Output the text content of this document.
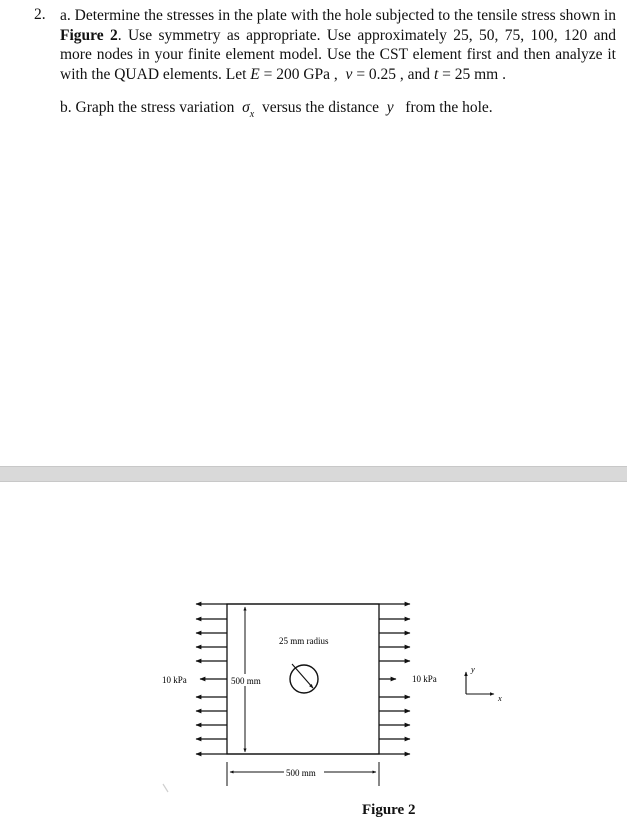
2. a. Determine the stresses in the plate with the hole subjected to the tensile stress shown in Figure 2. Use symmetry as appropriate. Use approximately 25, 50, 75, 100, 120 and more nodes in your finite element model. Use the CST element first and then analyze it with the QUAD elements. Let E = 200 GPa , v = 0.25 , and t = 25 mm .
b. Graph the stress variation  $\sigma_x$  versus the distance  y   from the hole.
10 kPa	10 kPa
500 mm
500 mm
25 mm radius
y
x
Figure 2
